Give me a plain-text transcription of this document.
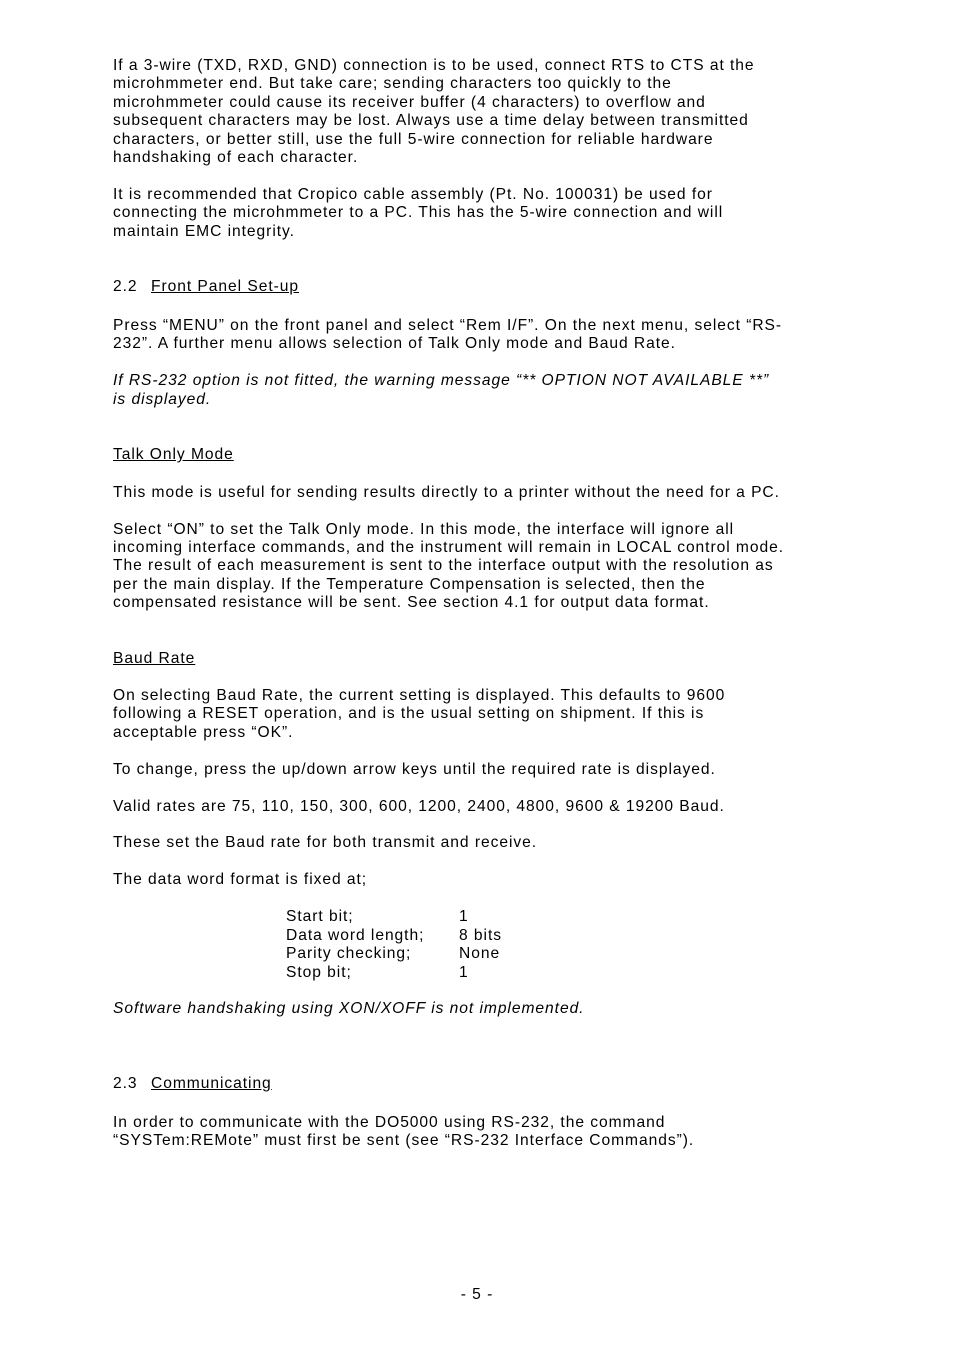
If a 3-wire (TXD, RXD, GND) connection is to be used, connect RTS to CTS at the

microhmmeter end. But take care; sending characters too quickly to the

microhmmeter could cause its receiver buffer (4 characters) to overflow and

subsequent characters may be lost. Always use a time delay between transmitted

characters, or better still, use the full 5-wire connection for reliable hardware

handshaking of each character.

It is recommended that Cropico cable assembly (Pt. No. 100031) be used for

connecting the microhmmeter to a PC. This has the 5-wire connection and will

maintain EMC integrity.

2.2 Front Panel Set-up

Press “MENU” on the front panel and select “Rem I/F”. On the next menu, select “RS-

232”. A further menu allows selection of Talk Only mode and Baud Rate.

If RS-232 option is not fitted, the warning message “** OPTION NOT AVAILABLE **”

is displayed.

Talk Only Mode

This mode is useful for sending results directly to a printer without the need for a PC.

Select “ON” to set the Talk Only mode. In this mode, the interface will ignore all

incoming interface commands, and the instrument will remain in LOCAL control mode.

The result of each measurement is sent to the interface output with the resolution as

per the main display. If the Temperature Compensation is selected, then the

compensated resistance will be sent. See section 4.1 for output data format.

Baud Rate

On selecting Baud Rate, the current setting is displayed. This defaults to 9600

following a RESET operation, and is the usual setting on shipment. If this is

acceptable press “OK”.

To change, press the up/down arrow keys until the required rate is displayed.

Valid rates are 75, 110, 150, 300, 600, 1200, 2400, 4800, 9600 & 19200 Baud.

These set the Baud rate for both transmit and receive.

The data word format is fixed at;

Start bit;	1
Data word length;	8 bits
Parity checking;	None
Stop bit;	1

Software handshaking using XON/XOFF is not implemented.

2.3 Communicating

In order to communicate with the DO5000 using RS-232, the command

“SYSTem:REMote” must first be sent (see “RS-232 Interface Commands”).

- 5 -
